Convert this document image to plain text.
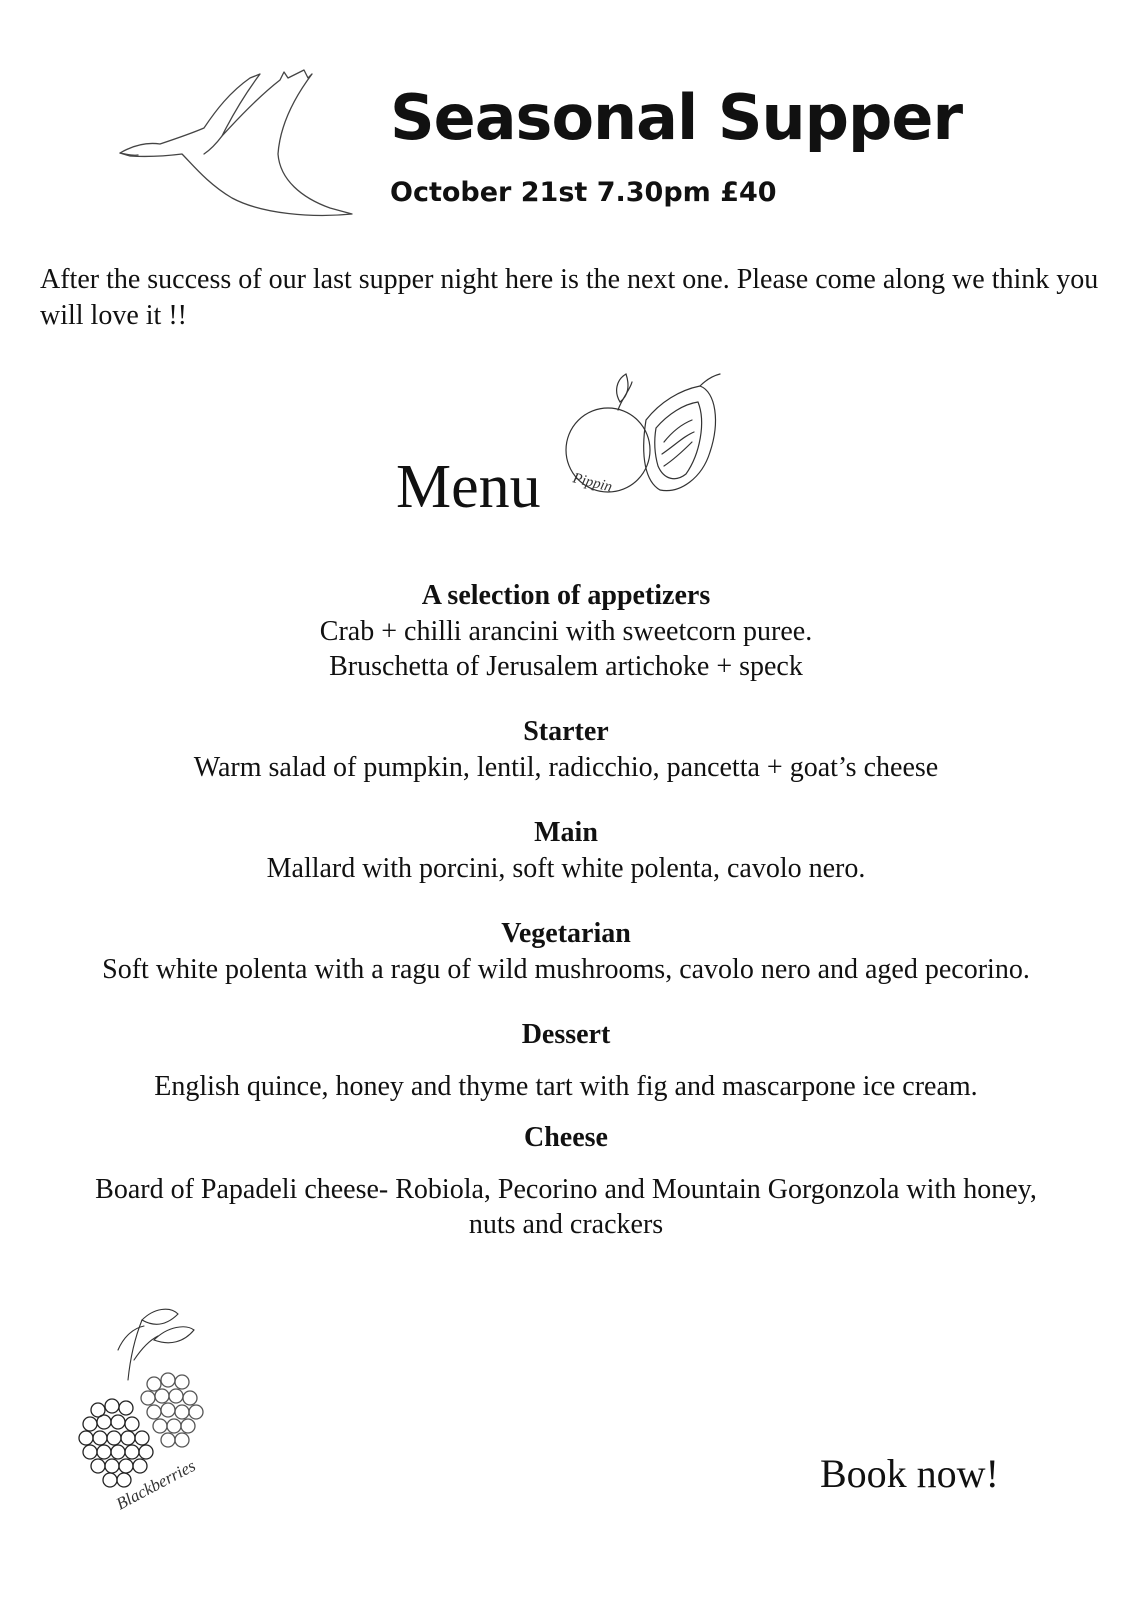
Seasonal Supper

October 21st 7.30pm £40

After the success of our last supper night here is the next one. Please come along we think you will love it !!

Menu Pippin

A selection of appetizers

Crab + chilli arancini with sweetcorn puree.

Bruschetta of Jerusalem artichoke + speck

Starter

Warm salad of pumpkin, lentil, radicchio, pancetta + goat’s cheese

Main

Mallard with porcini, soft white polenta, cavolo nero.

Vegetarian

Soft white polenta with a ragu of wild mushrooms, cavolo nero and aged pecorino.

Dessert

English quince, honey and thyme tart with fig and mascarpone ice cream.

Cheese

Board of Papadeli cheese- Robiola, Pecorino and Mountain Gorgonzola with honey,

nuts and crackers

Blackberries	Book now!
